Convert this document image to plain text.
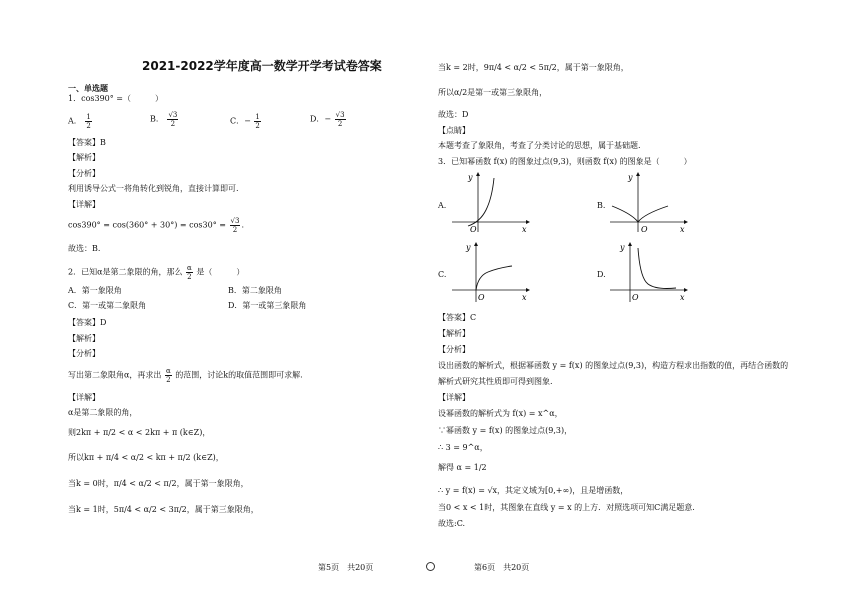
2021-2022学年度高一数学开学考试卷答案
一、单选题
1．cos390° =（　　　）
A． $\frac{1}{2}$	B． $\frac{√3}{2}$	C．− $\frac{1}{2}$	D．− $\frac{√3}{2}$
【答案】B
【解析】
【分析】
利用诱导公式一将角转化到锐角，直接计算即可.
【详解】
$\cos 390^\circ = \cos(360^\circ + 30^\circ) = \cos 30^\circ = \frac{√3}{2}$ .
故选：B.
2．已知α是第二象限的角，那么 $\frac{\alpha}{2}$ 是（　　　）
A．第一象限角	B．第二象限角
C．第一或第二象限角	D．第一或第三象限角
【答案】D
【解析】
【分析】
写出第二象限角α，再求出 $\frac{\alpha}{2}$ 的范围，讨论k的取值范围即可求解.
【详解】
α是第二象限的角，
则2kπ + π/2 < α < 2kπ + π (k∈Z)，
所以kπ + π/4 < α/2 < kπ + π/2 (k∈Z)，
当k = 0时，π/4 < α/2 < π/2，属于第一象限角，
当k = 1时，5π/4 < α/2 < 3π/2，属于第三象限角，
当k = 2时，9π/4 < α/2 < 5π/2，属于第一象限角，
所以α/2是第一或第三象限角，
故选：D
【点睛】
本题考查了象限角，考查了分类讨论的思想，属于基础题.
3．已知幂函数 f(x) 的图象过点(9,3)，则函数 f(x) 的图象是（　　　）
A.
y
x
O
B.
y
x
O
C.
y
x
O
D.
y
x
O
【答案】C
【解析】
【分析】
设出函数的解析式，根据幂函数 y = f(x) 的图象过点(9,3)，构造方程求出指数的值，再结合函数的
解析式研究其性质即可得到图象.
【详解】
设幂函数的解析式为 f(x) = x^α，
∵幂函数 y = f(x) 的图象过点(9,3)，
∴ 3 = 9^α，
解得 α = 1/2
∴ y = f(x) = √x，其定义域为[0,+∞)，且是增函数，
当0 < x < 1时，其图象在直线 y = x 的上方．对照选项可知C满足题意.
故选:C.
第5页　共20页	第6页　共20页
